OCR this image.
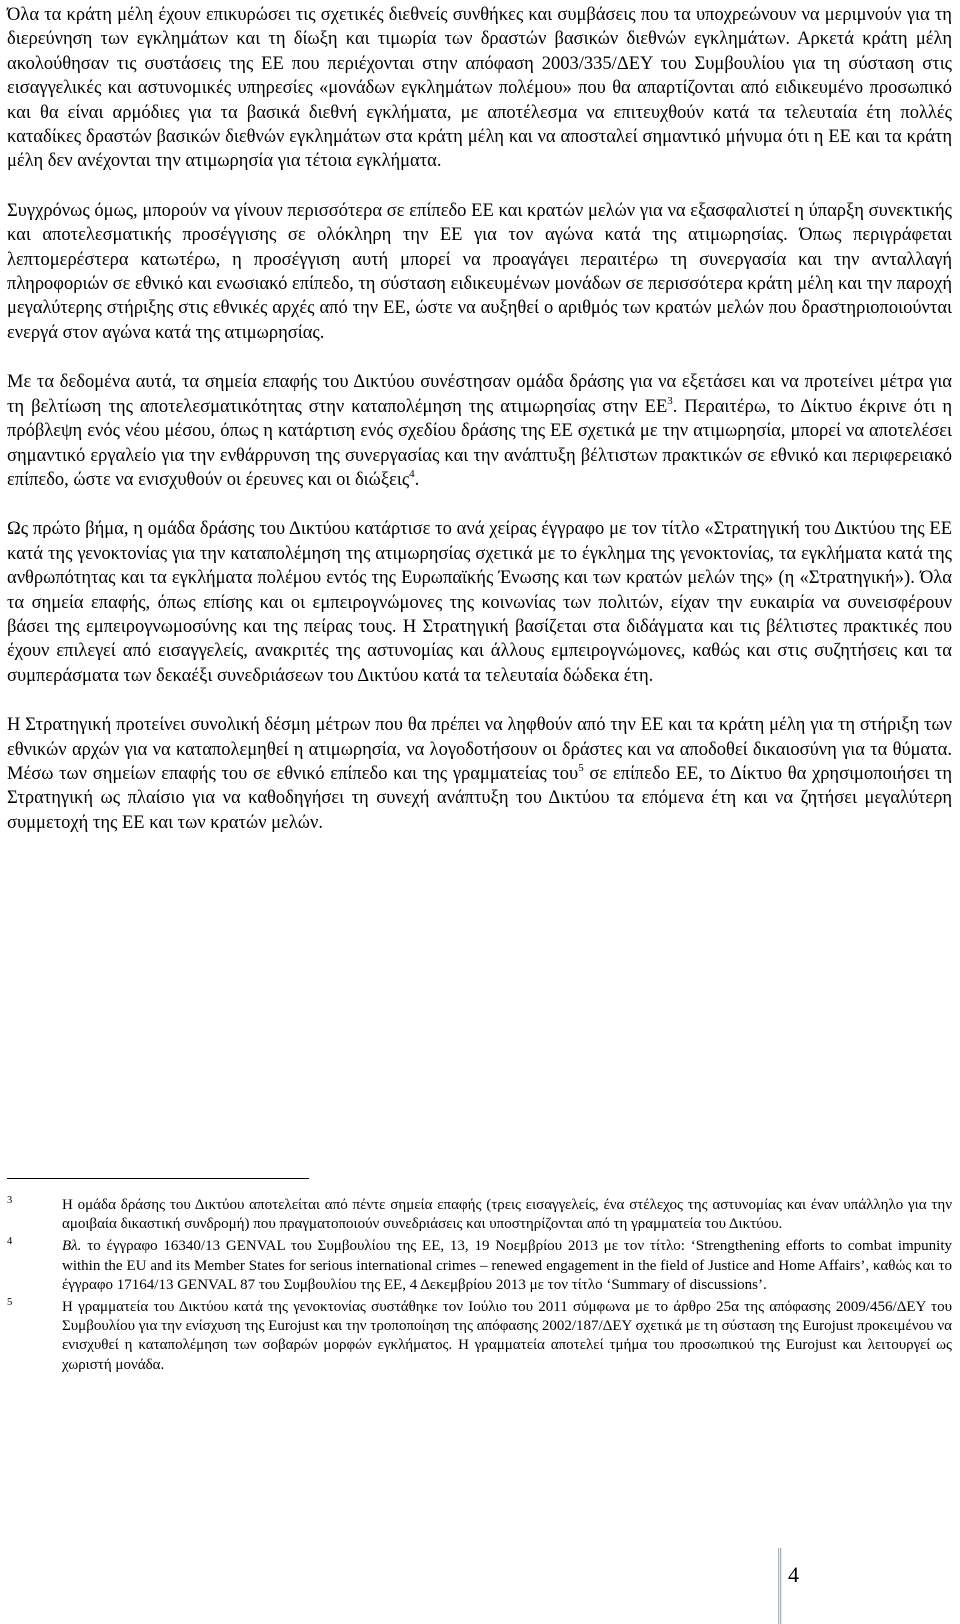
Όλα τα κράτη μέλη έχουν επικυρώσει τις σχετικές διεθνείς συνθήκες και συμβάσεις που τα υποχρεώνουν να μεριμνούν για τη διερεύνηση των εγκλημάτων και τη δίωξη και τιμωρία των δραστών βασικών διεθνών εγκλημάτων. Αρκετά κράτη μέλη ακολούθησαν τις συστάσεις της ΕΕ που περιέχονται στην απόφαση 2003/335/ΔΕΥ του Συμβουλίου για τη σύσταση στις εισαγγελικές και αστυνομικές υπηρεσίες «μονάδων εγκλημάτων πολέμου» που θα απαρτίζονται από ειδικευμένο προσωπικό και θα είναι αρμόδιες για τα βασικά διεθνή εγκλήματα, με αποτέλεσμα να επιτευχθούν κατά τα τελευταία έτη πολλές καταδίκες δραστών βασικών διεθνών εγκλημάτων στα κράτη μέλη και να αποσταλεί σημαντικό μήνυμα ότι η ΕΕ και τα κράτη μέλη δεν ανέχονται την ατιμωρησία για τέτοια εγκλήματα.

Συγχρόνως όμως, μπορούν να γίνουν περισσότερα σε επίπεδο ΕΕ και κρατών μελών για να εξασφαλιστεί η ύπαρξη συνεκτικής και αποτελεσματικής προσέγγισης σε ολόκληρη την ΕΕ για τον αγώνα κατά της ατιμωρησίας. Όπως περιγράφεται λεπτομερέστερα κατωτέρω, η προσέγγιση αυτή μπορεί να προαγάγει περαιτέρω τη συνεργασία και την ανταλλαγή πληροφοριών σε εθνικό και ενωσιακό επίπεδο, τη σύσταση ειδικευμένων μονάδων σε περισσότερα κράτη μέλη και την παροχή μεγαλύτερης στήριξης στις εθνικές αρχές από την ΕΕ, ώστε να αυξηθεί ο αριθμός των κρατών μελών που δραστηριοποιούνται ενεργά στον αγώνα κατά της ατιμωρησίας.

Με τα δεδομένα αυτά, τα σημεία επαφής του Δικτύου συνέστησαν ομάδα δράσης για να εξετάσει και να προτείνει μέτρα για τη βελτίωση της αποτελεσματικότητας στην καταπολέμηση της ατιμωρησίας στην $EE^3$. Περαιτέρω, το Δίκτυο έκρινε ότι η πρόβλεψη ενός νέου μέσου, όπως η κατάρτιση ενός σχεδίου δράσης της ΕΕ σχετικά με την ατιμωρησία, μπορεί να αποτελέσει σημαντικό εργαλείο για την ενθάρρυνση της συνεργασίας και την ανάπτυξη βέλτιστων πρακτικών σε εθνικό και περιφερειακό επίπεδο, ώστε να ενισχυθούν οι έρευνες και οι διώξεις$^4$.

Ως πρώτο βήμα, η ομάδα δράσης του Δικτύου κατάρτισε το ανά χείρας έγγραφο με τον τίτλο «Στρατηγική του Δικτύου της ΕΕ κατά της γενοκτονίας για την καταπολέμηση της ατιμωρησίας σχετικά με το έγκλημα της γενοκτονίας, τα εγκλήματα κατά της ανθρωπότητας και τα εγκλήματα πολέμου εντός της Ευρωπαϊκής Ένωσης και των κρατών μελών της» (η «Στρατηγική»). Όλα τα σημεία επαφής, όπως επίσης και οι εμπειρογνώμονες της κοινωνίας των πολιτών, είχαν την ευκαιρία να συνεισφέρουν βάσει της εμπειρογνωμοσύνης και της πείρας τους. Η Στρατηγική βασίζεται στα διδάγματα και τις βέλτιστες πρακτικές που έχουν επιλεγεί από εισαγγελείς, ανακριτές της αστυνομίας και άλλους εμπειρογνώμονες, καθώς και στις συζητήσεις και τα συμπεράσματα των δεκαέξι συνεδριάσεων του Δικτύου κατά τα τελευταία δώδεκα έτη.

Η Στρατηγική προτείνει συνολική δέσμη μέτρων που θα πρέπει να ληφθούν από την ΕΕ και τα κράτη μέλη για τη στήριξη των εθνικών αρχών για να καταπολεμηθεί η ατιμωρησία, να λογοδοτήσουν οι δράστες και να αποδοθεί δικαιοσύνη για τα θύματα. Μέσω των σημείων επαφής του σε εθνικό επίπεδο και της γραμματείας του$^5$ σε επίπεδο ΕΕ, το Δίκτυο θα χρησιμοποιήσει τη Στρατηγική ως πλαίσιο για να καθοδηγήσει τη συνεχή ανάπτυξη του Δικτύου τα επόμενα έτη και να ζητήσει μεγαλύτερη συμμετοχή της ΕΕ και των κρατών μελών.

3	Η ομάδα δράσης του Δικτύου αποτελείται από πέντε σημεία επαφής (τρεις εισαγγελείς, ένα στέλεχος της αστυνομίας και έναν υπάλληλο για την αμοιβαία δικαστική συνδρομή) που πραγματοποιούν συνεδριάσεις και υποστηρίζονται από τη γραμματεία του Δικτύου.
4	Βλ. το έγγραφο 16340/13 GENVAL του Συμβουλίου της ΕΕ, 13, 19 Νοεμβρίου 2013 με τον τίτλο: ‘Strengthening efforts to combat impunity within the EU and its Member States for serious international crimes – renewed engagement in the field of Justice and Home Affairs’, καθώς και το έγγραφο 17164/13 GENVAL 87 του Συμβουλίου της ΕΕ, 4 Δεκεμβρίου 2013 με τον τίτλο ‘Summary of discussions’.
5	Η γραμματεία του Δικτύου κατά της γενοκτονίας συστάθηκε τον Ιούλιο του 2011 σύμφωνα με το άρθρο 25α της απόφασης 2009/456/ΔΕΥ του Συμβουλίου για την ενίσχυση της Eurojust και την τροποποίηση της απόφασης 2002/187/ΔΕΥ σχετικά με τη σύσταση της Eurojust προκειμένου να ενισχυθεί η καταπολέμηση των σοβαρών μορφών εγκλήματος. Η γραμματεία αποτελεί τμήμα του προσωπικού της Eurojust και λειτουργεί ως χωριστή μονάδα.
4
